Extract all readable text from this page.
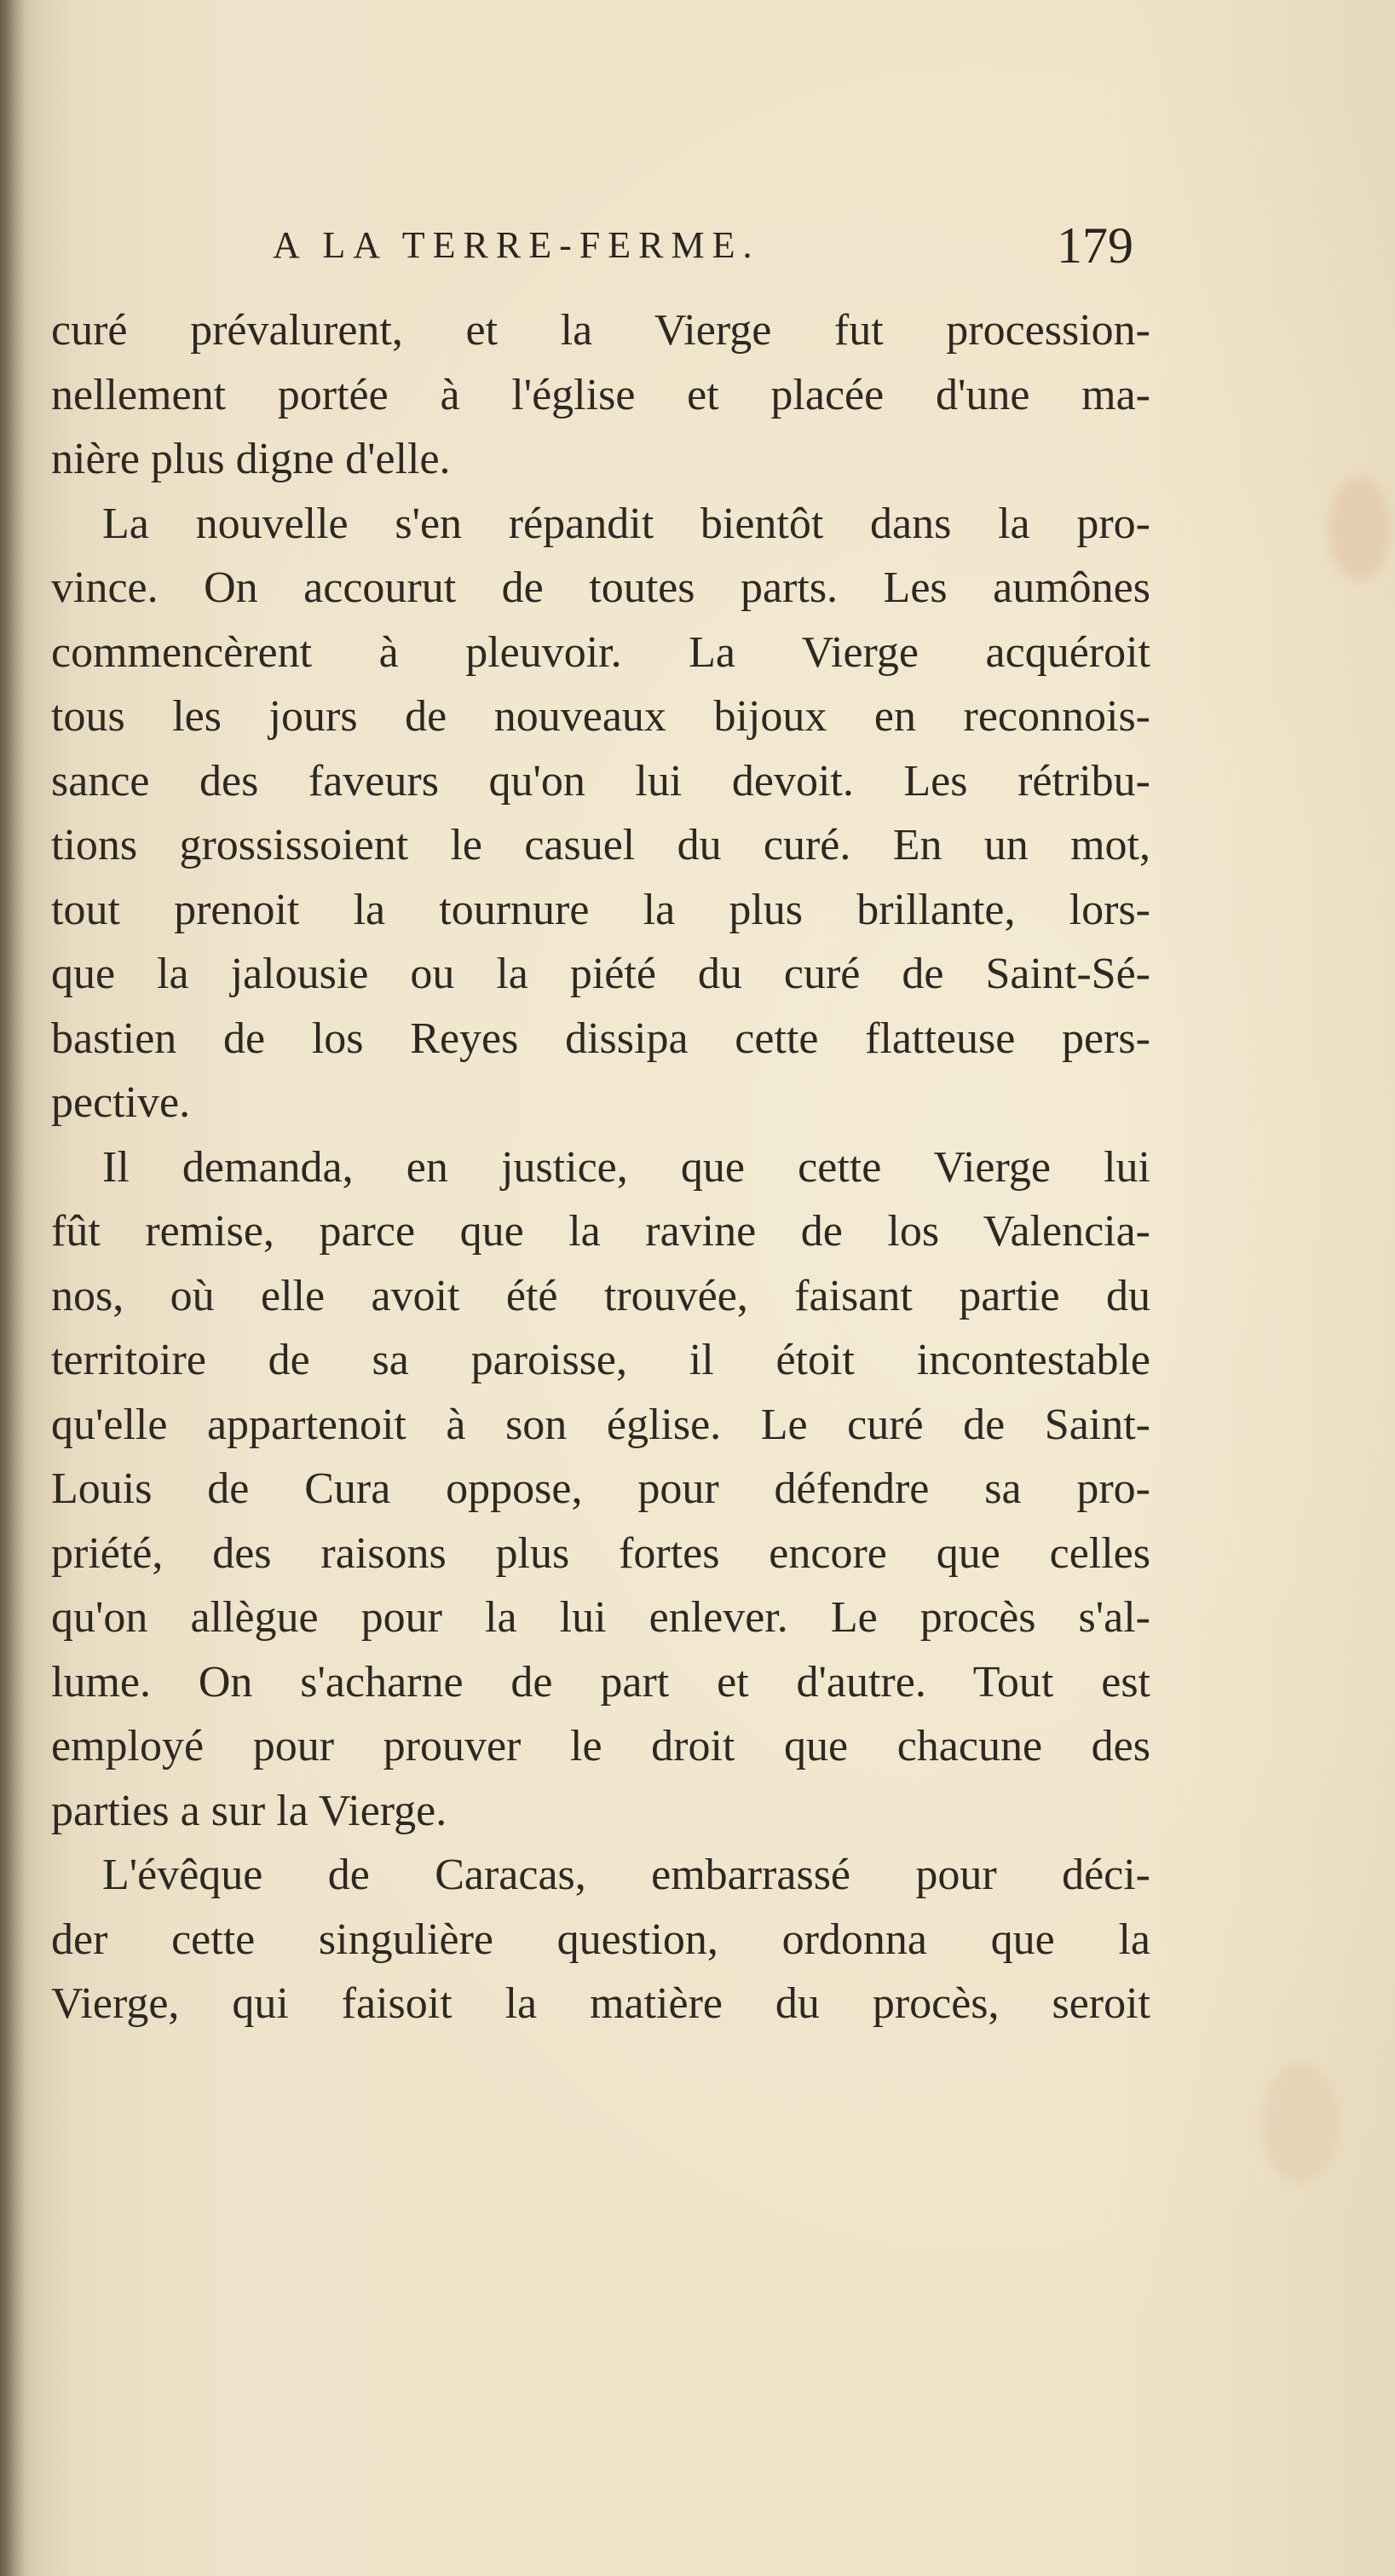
A LA TERRE-FERME.	179
curé prévalurent, et la Vierge fut procession-
nellement portée à l'église et placée d'une ma-
nière plus digne d'elle.
La nouvelle s'en répandit bientôt dans la pro-
vince. On accourut de toutes parts. Les aumônes
commencèrent à pleuvoir. La Vierge acquéroit
tous les jours de nouveaux bijoux en reconnois-
sance des faveurs qu'on lui devoit. Les rétribu-
tions grossissoient le casuel du curé. En un mot,
tout prenoit la tournure la plus brillante, lors-
que la jalousie ou la piété du curé de Saint-Sé-
bastien de los Reyes dissipa cette flatteuse pers-
pective.
Il demanda, en justice, que cette Vierge lui
fût remise, parce que la ravine de los Valencia-
nos, où elle avoit été trouvée, faisant partie du
territoire de sa paroisse, il étoit incontestable
qu'elle appartenoit à son église. Le curé de Saint-
Louis de Cura oppose, pour défendre sa pro-
priété, des raisons plus fortes encore que celles
qu'on allègue pour la lui enlever. Le procès s'al-
lume. On s'acharne de part et d'autre. Tout est
employé pour prouver le droit que chacune des
parties a sur la Vierge.
L'évêque de Caracas, embarrassé pour déci-
der cette singulière question, ordonna que la
Vierge, qui faisoit la matière du procès, seroit
